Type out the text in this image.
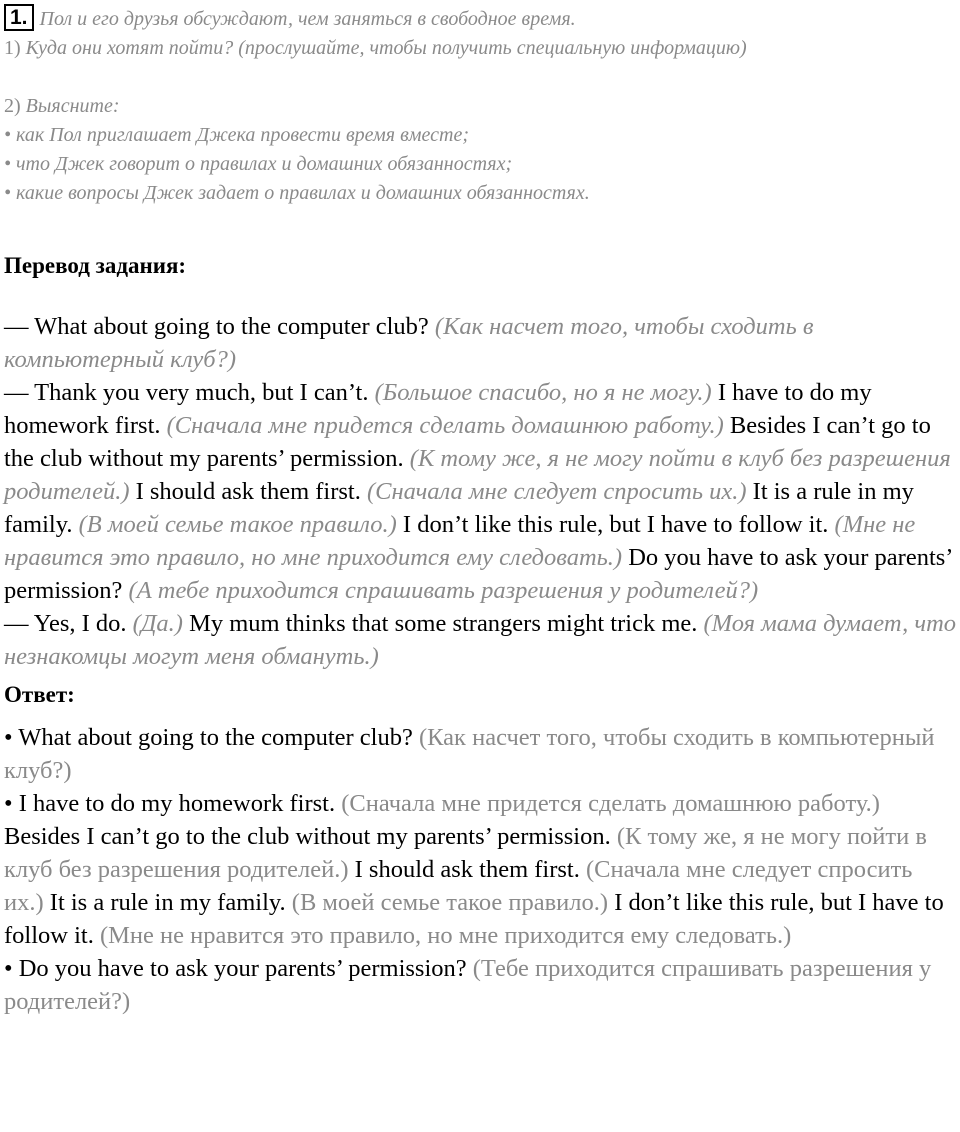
1. Пол и его друзья обсуждают, чем заняться в свободное время.
1) Куда они хотят пойти? (прослушайте, чтобы получить специальную информацию)
2) Выясните:
• как Пол приглашает Джека провести время вместе;
• что Джек говорит о правилах и домашних обязанностях;
• какие вопросы Джек задает о правилах и домашних обязанностях.
Перевод задания:

— What about going to the computer club? (Как насчет того, чтобы сходить в компьютерный клуб?)

— Thank you very much, but I can’t. (Большое спасибо, но я не могу.) I have to do my homework first. (Сначала мне придется сделать домашнюю работу.) Besides I can’t go to the club without my parents’ permission. (К тому же, я не могу пойти в клуб без разрешения родителей.) I should ask them first. (Сначала мне следует спросить их.) It is a rule in my family. (В моей семье такое правило.) I don’t like this rule, but I have to follow it. (Мне не нравится это правило, но мне приходится ему следовать.) Do you have to ask your parents’ permission? (А тебе приходится спрашивать разрешения у родителей?)

— Yes, I do. (Да.) My mum thinks that some strangers might trick me. (Моя мама думает, что незнакомцы могут меня обмануть.)

Ответ:

• What about going to the computer club? (Как насчет того, чтобы сходить в компьютерный клуб?)

• I have to do my homework first. (Сначала мне придется сделать домашнюю работу.) Besides I can’t go to the club without my parents’ permission. (К тому же, я не могу пойти в клуб без разрешения родителей.) I should ask them first. (Сначала мне следует спросить их.) It is a rule in my family. (В моей семье такое правило.) I don’t like this rule, but I have to follow it. (Мне не нравится это правило, но мне приходится ему следовать.)

• Do you have to ask your parents’ permission? (Тебе приходится спрашивать разрешения у родителей?)
